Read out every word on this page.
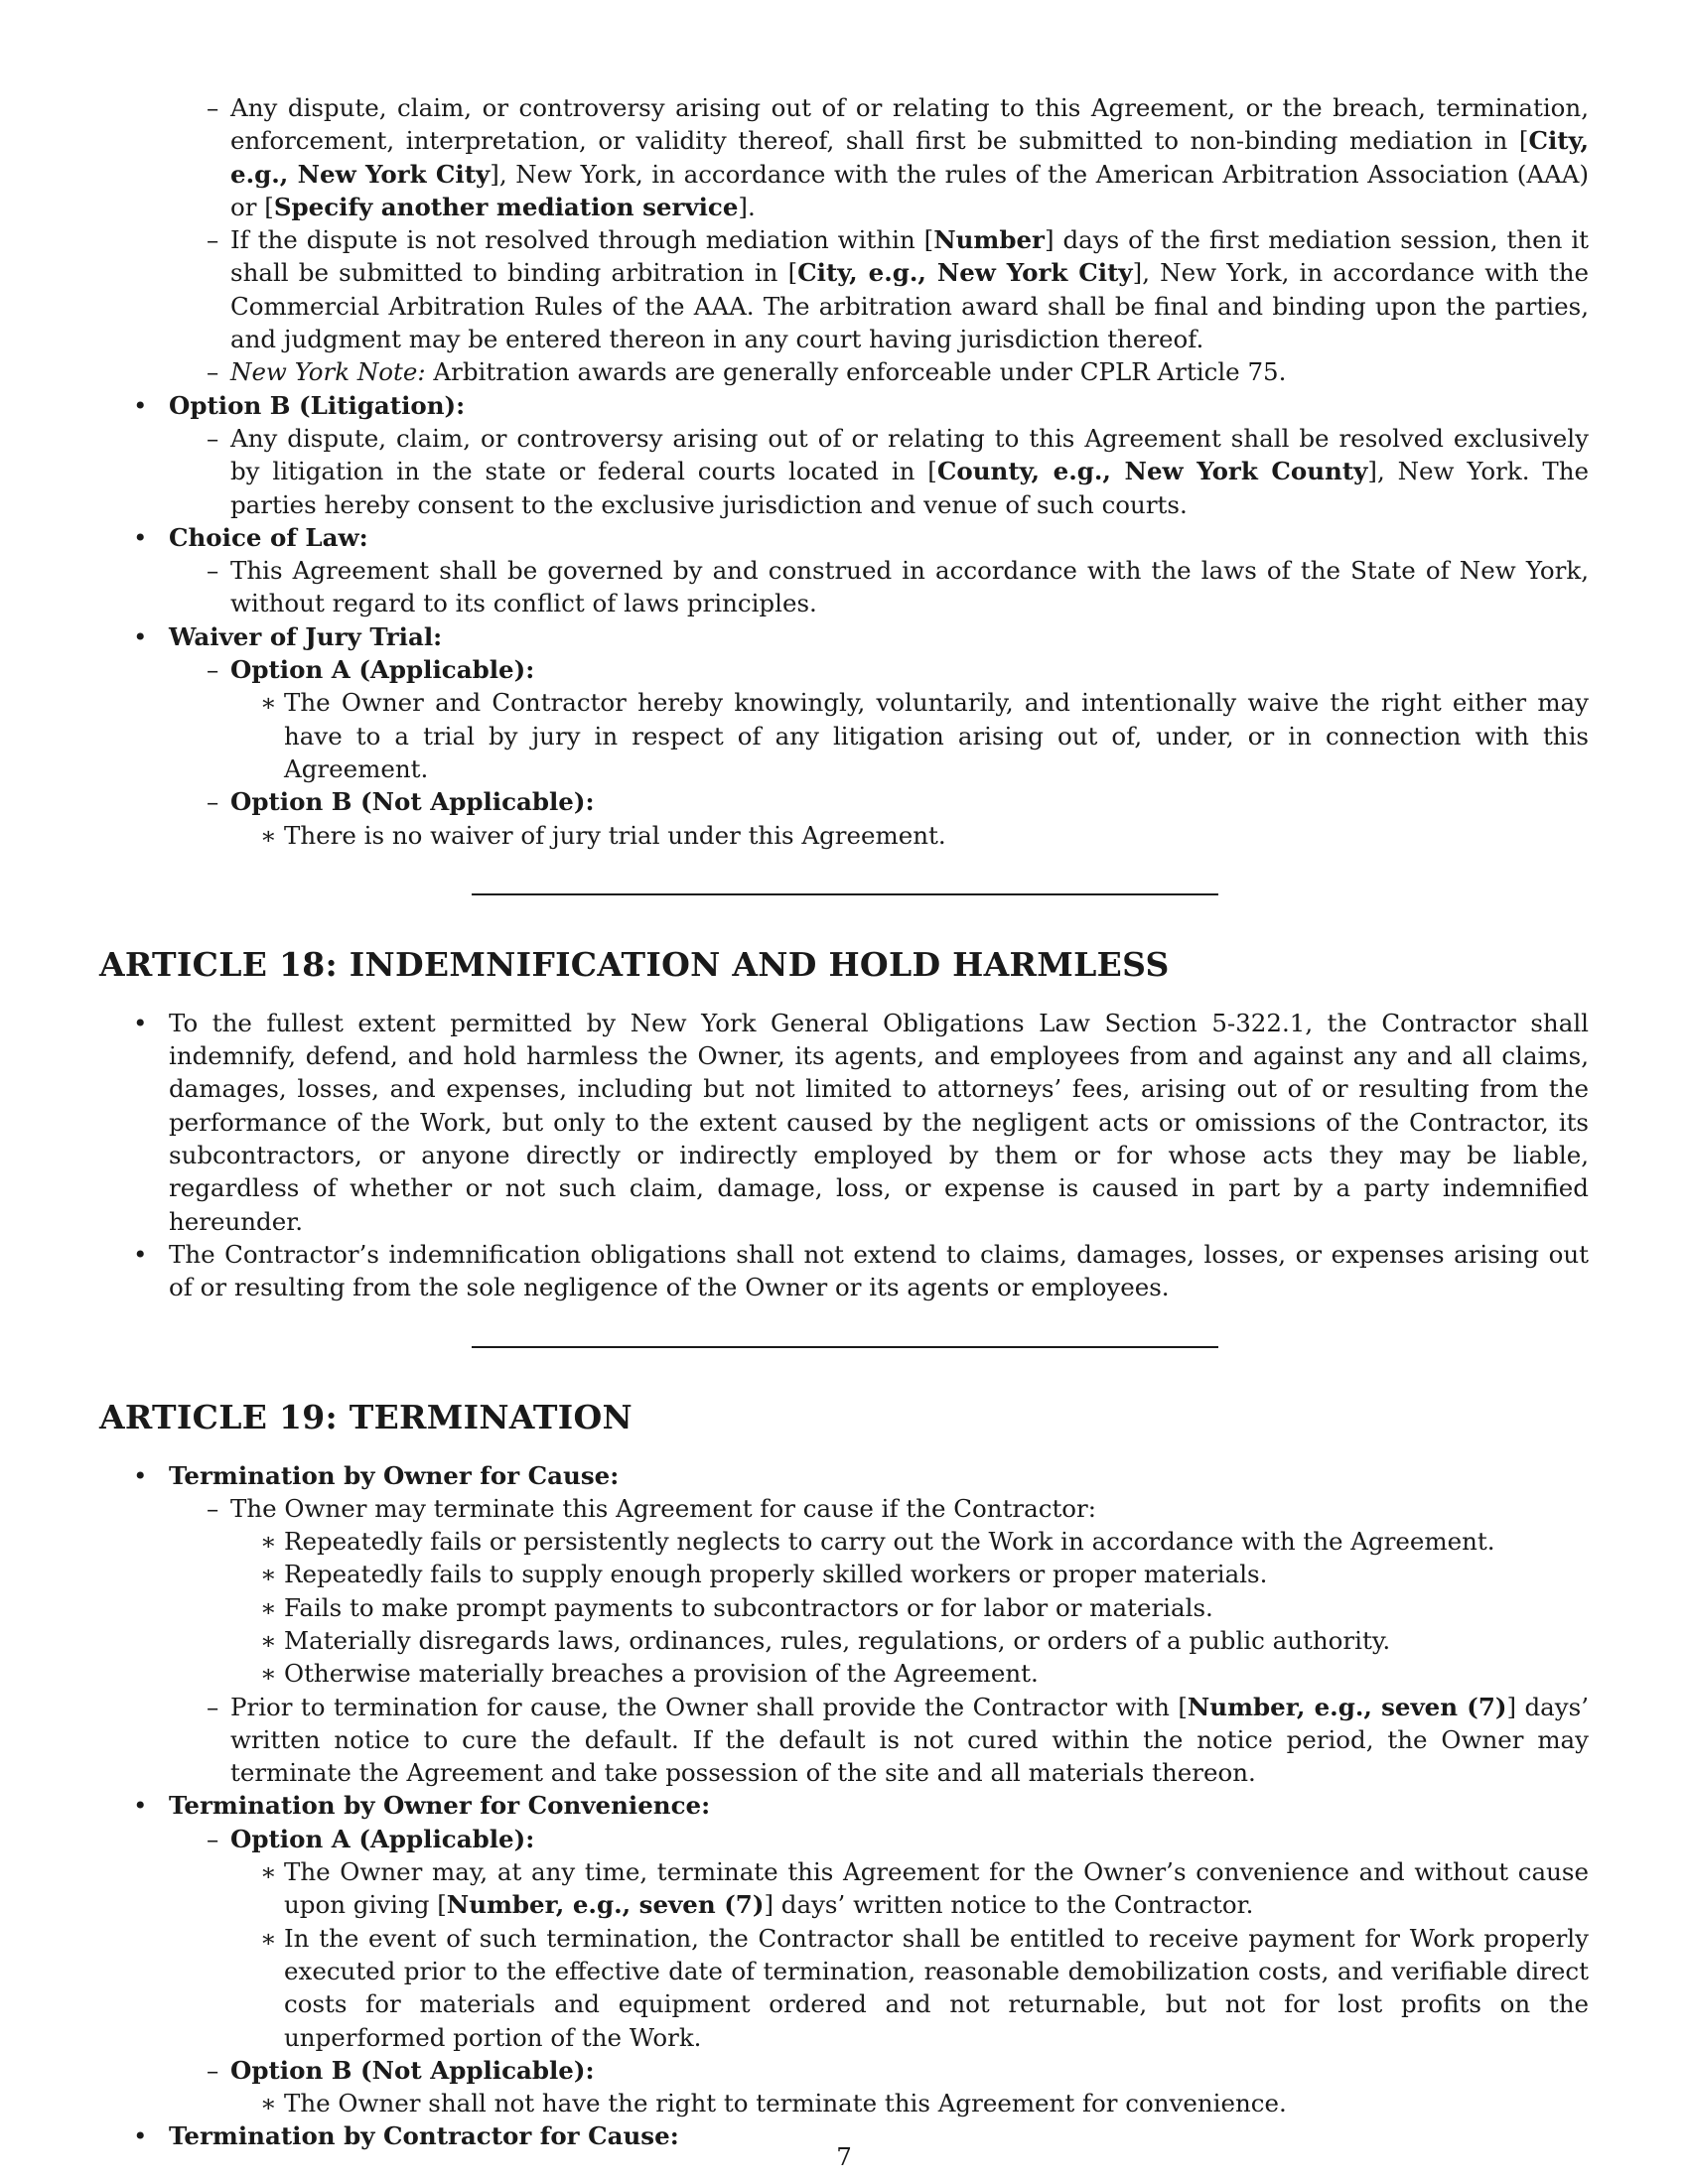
– Any dispute, claim, or controversy arising out of or relating to this Agreement, or the breach, termination, enforcement, interpretation, or validity thereof, shall first be submitted to non-binding mediation in [City, e.g., New York City], New York, in accordance with the rules of the American Arbitration Association (AAA) or [Specify another mediation service].

– If the dispute is not resolved through mediation within [Number] days of the first mediation session, then it shall be submitted to binding arbitration in [City, e.g., New York City], New York, in accordance with the Commercial Arbitration Rules of the AAA. The arbitration award shall be final and binding upon the parties, and judgment may be entered thereon in any court having jurisdiction thereof.

– New York Note: Arbitration awards are generally enforceable under CPLR Article 75.

• Option B (Litigation):

– Any dispute, claim, or controversy arising out of or relating to this Agreement shall be resolved exclusively by litigation in the state or federal courts located in [County, e.g., New York County], New York. The parties hereby consent to the exclusive jurisdiction and venue of such courts.

• Choice of Law:

– This Agreement shall be governed by and construed in accordance with the laws of the State of New York, without regard to its conflict of laws principles.

• Waiver of Jury Trial:

– Option A (Applicable):

∗ The Owner and Contractor hereby knowingly, voluntarily, and intentionally waive the right either may have to a trial by jury in respect of any litigation arising out of, under, or in connection with this Agreement.

– Option B (Not Applicable):

∗ There is no waiver of jury trial under this Agreement.

ARTICLE 18: INDEMNIFICATION AND HOLD HARMLESS
• To the fullest extent permitted by New York General Obligations Law Section 5-322.1, the Contractor shall indemnify, defend, and hold harmless the Owner, its agents, and employees from and against any and all claims, damages, losses, and expenses, including but not limited to attorneys’ fees, arising out of or resulting from the performance of the Work, but only to the extent caused by the negligent acts or omissions of the Contractor, its subcontractors, or anyone directly or indirectly employed by them or for whose acts they may be liable, regardless of whether or not such claim, damage, loss, or expense is caused in part by a party indemnified hereunder.

• The Contractor’s indemnification obligations shall not extend to claims, damages, losses, or expenses arising out of or resulting from the sole negligence of the Owner or its agents or employees.

ARTICLE 19: TERMINATION
• Termination by Owner for Cause:

– The Owner may terminate this Agreement for cause if the Contractor:

∗ Repeatedly fails or persistently neglects to carry out the Work in accordance with the Agreement.

∗ Repeatedly fails to supply enough properly skilled workers or proper materials.

∗ Fails to make prompt payments to subcontractors or for labor or materials.

∗ Materially disregards laws, ordinances, rules, regulations, or orders of a public authority.

∗ Otherwise materially breaches a provision of the Agreement.

– Prior to termination for cause, the Owner shall provide the Contractor with [Number, e.g., seven (7)] days’ written notice to cure the default. If the default is not cured within the notice period, the Owner may terminate the Agreement and take possession of the site and all materials thereon.

• Termination by Owner for Convenience:

– Option A (Applicable):

∗ The Owner may, at any time, terminate this Agreement for the Owner’s convenience and without cause upon giving [Number, e.g., seven (7)] days’ written notice to the Contractor.

∗ In the event of such termination, the Contractor shall be entitled to receive payment for Work properly executed prior to the effective date of termination, reasonable demobilization costs, and verifiable direct costs for materials and equipment ordered and not returnable, but not for lost profits on the unperformed portion of the Work.

– Option B (Not Applicable):

∗ The Owner shall not have the right to terminate this Agreement for convenience.

• Termination by Contractor for Cause:

7
